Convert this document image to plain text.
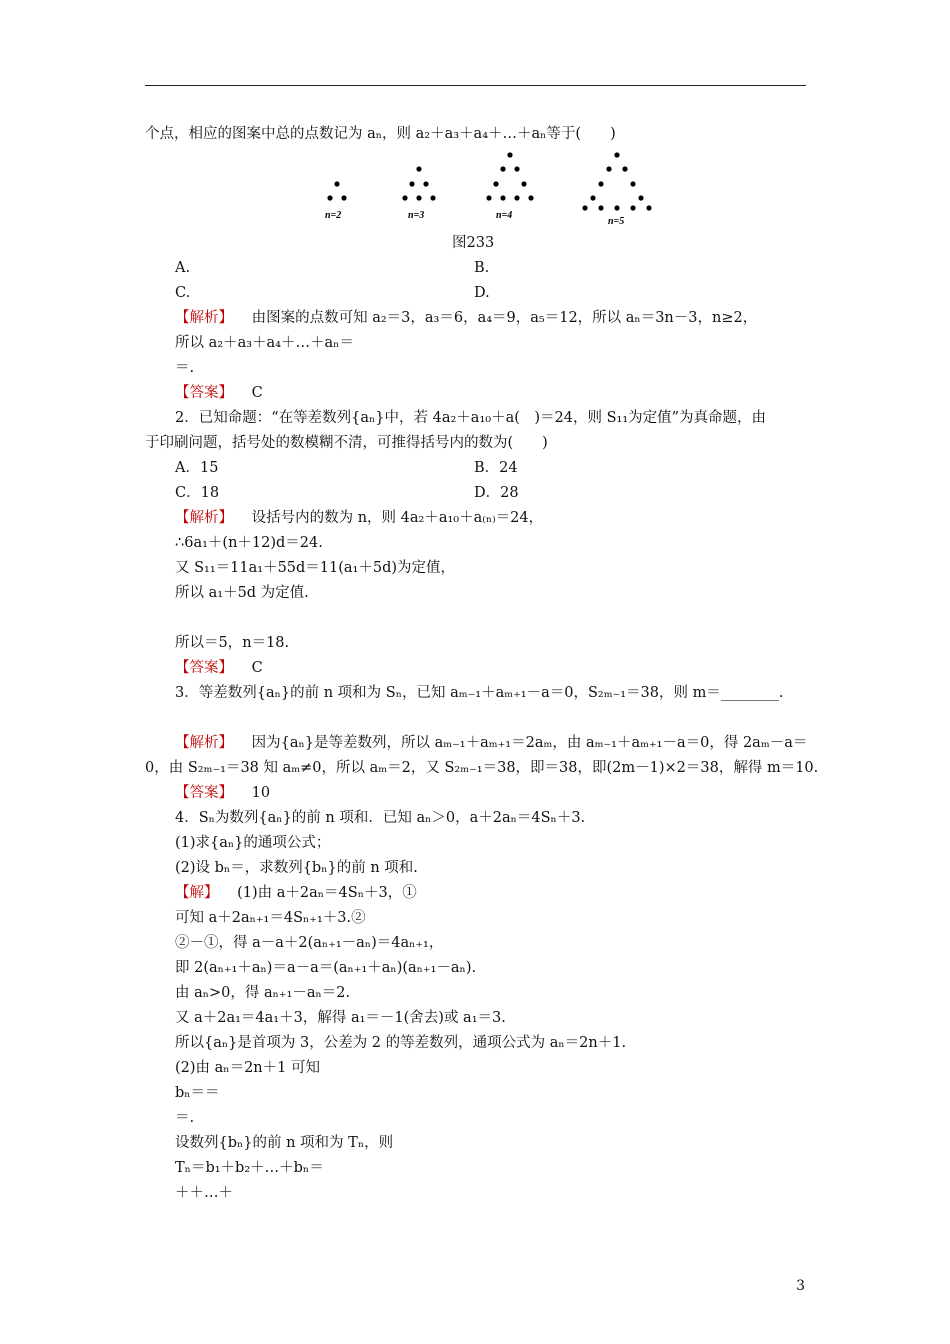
个点，相应的图案中总的点数记为 aₙ，则 a₂＋a₃＋a₄＋…＋aₙ等于(　　)
n=2	n=3	n=4
n=5
图233
A.	B.
C.	D.
【解析】 由图案的点数可知 a₂＝3，a₃＝6，a₄＝9，a₅＝12，所以 aₙ＝3n－3，n≥2，
所以 a₂＋a₃＋a₄＋…＋aₙ＝
＝.
【答案】 C
2．已知命题：“在等差数列{aₙ}中，若 4a₂＋a₁₀＋a(　)＝24，则 S₁₁为定值”为真命题，由
于印刷问题，括号处的数模糊不清，可推得括号内的数为(　　)
A．15	B．24
C．18	D．28
【解析】 设括号内的数为 n，则 4a₂＋a₁₀＋a₍ₙ₎＝24，
∴6a₁＋(n＋12)d＝24.
又 S₁₁＝11a₁＋55d＝11(a₁＋5d)为定值，
所以 a₁＋5d 为定值.
所以＝5，n＝18.
【答案】 C
3．等差数列{aₙ}的前 n 项和为 Sₙ，已知 aₘ₋₁＋aₘ₊₁－a＝0，S₂ₘ₋₁＝38，则 m＝________.
【解析】 因为{aₙ}是等差数列，所以 aₘ₋₁＋aₘ₊₁＝2aₘ，由 aₘ₋₁＋aₘ₊₁－a＝0，得 2aₘ－a＝
0，由 S₂ₘ₋₁＝38 知 aₘ≠0，所以 aₘ＝2，又 S₂ₘ₋₁＝38，即＝38，即(2m－1)×2＝38，解得 m＝10.
【答案】 10
4．Sₙ为数列{aₙ}的前 n 项和．已知 aₙ＞0，a＋2aₙ＝4Sₙ＋3.
(1)求{aₙ}的通项公式；
(2)设 bₙ＝，求数列{bₙ}的前 n 项和.
【解】 (1)由 a＋2aₙ＝4Sₙ＋3，①
可知 a＋2aₙ₊₁＝4Sₙ₊₁＋3.②
②－①，得 a－a＋2(aₙ₊₁－aₙ)＝4aₙ₊₁，
即 2(aₙ₊₁＋aₙ)＝a－a＝(aₙ₊₁＋aₙ)(aₙ₊₁－aₙ).
由 aₙ>0，得 aₙ₊₁－aₙ＝2.
又 a＋2a₁＝4a₁＋3，解得 a₁＝－1(舍去)或 a₁＝3.
所以{aₙ}是首项为 3，公差为 2 的等差数列，通项公式为 aₙ＝2n＋1.
(2)由 aₙ＝2n＋1 可知
bₙ＝＝
＝.
设数列{bₙ}的前 n 项和为 Tₙ，则
Tₙ＝b₁＋b₂＋…＋bₙ＝
＋＋…＋
3
